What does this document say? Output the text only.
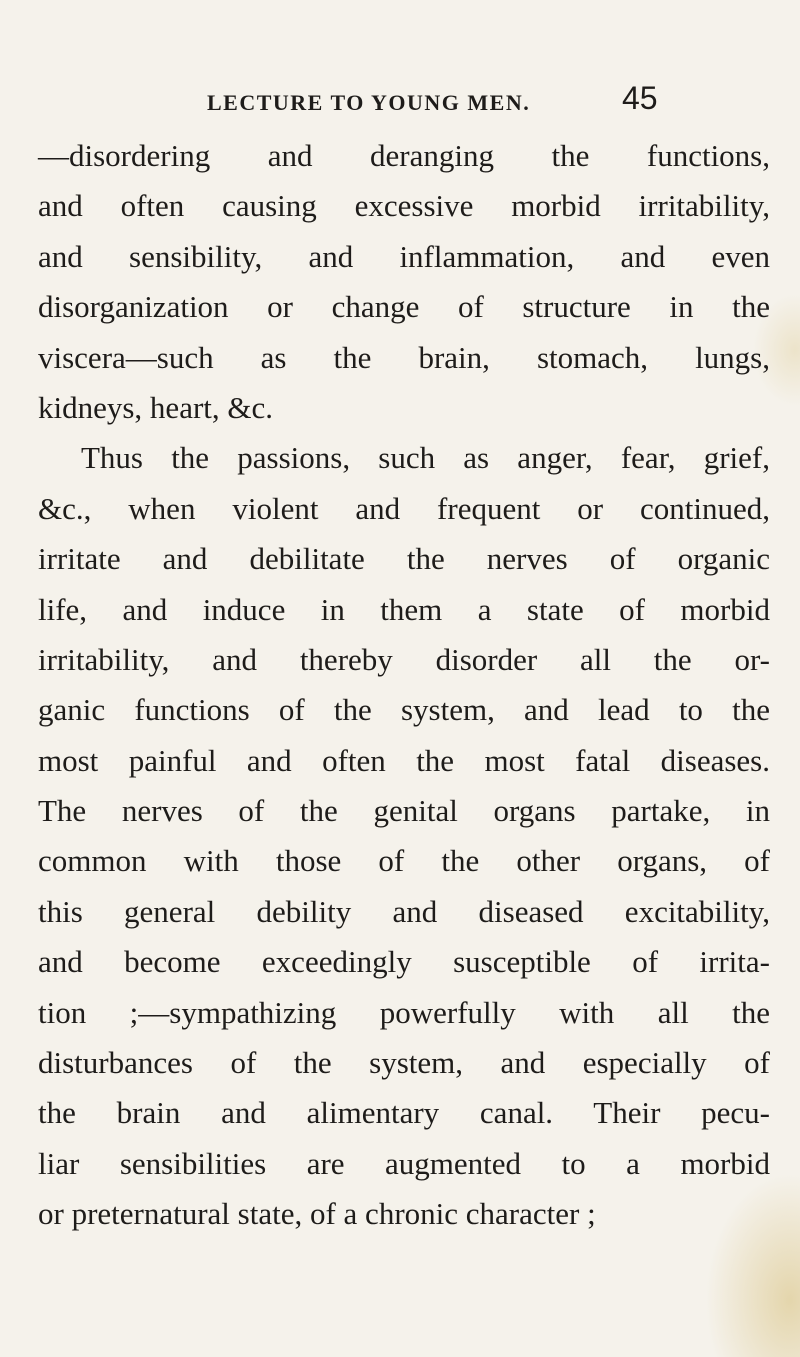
LECTURE TO YOUNG MEN.	45
—disordering and deranging the functions,
and often causing excessive morbid irritability,
and sensibility, and inflammation, and even
disorganization or change of structure in the
viscera—such as the brain, stomach, lungs,
kidneys, heart, &c.
Thus the passions, such as anger, fear, grief,
&c., when violent and frequent or continued,
irritate and debilitate the nerves of organic
life, and induce in them a state of morbid
irritability, and thereby disorder all the or-
ganic functions of the system, and lead to the
most painful and often the most fatal diseases.
The nerves of the genital organs partake, in
common with those of the other organs, of
this general debility and diseased excitability,
and become exceedingly susceptible of irrita-
tion ;—sympathizing powerfully with all the
disturbances of the system, and especially of
the brain and alimentary canal. Their pecu-
liar sensibilities are augmented to a morbid
or preternatural state, of a chronic character ;
